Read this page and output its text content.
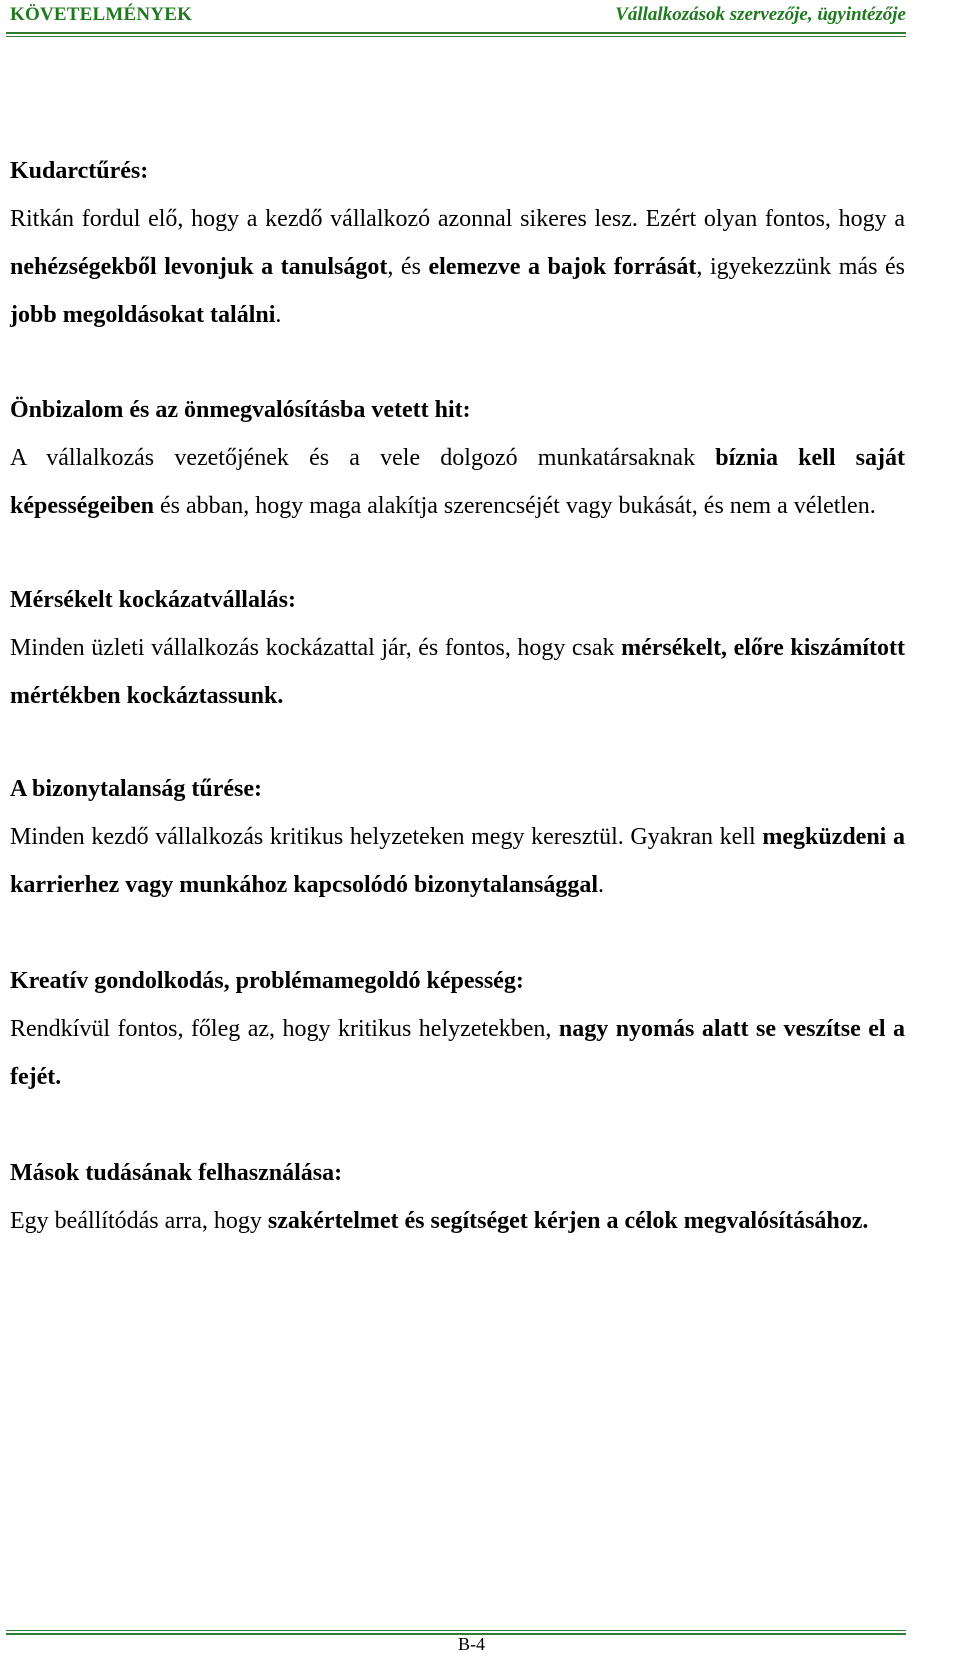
KÖVETELMÉNYEK	Vállalkozások szervezője, ügyintézője

Kudarctűrés:

Ritkán fordul elő, hogy a kezdő vállalkozó azonnal sikeres lesz. Ezért olyan fontos, hogy a nehézségekből levonjuk a tanulságot, és elemezve a bajok forrását, igyekezzünk más és jobb megoldásokat találni.

Önbizalom és az önmegvalósításba vetett hit:

A vállalkozás vezetőjének és a vele dolgozó munkatársaknak bíznia kell saját képességeiben és abban, hogy maga alakítja szerencséjét vagy bukását, és nem a véletlen.

Mérsékelt kockázatvállalás:

Minden üzleti vállalkozás kockázattal jár, és fontos, hogy csak mérsékelt, előre kiszámított mértékben kockáztassunk.

A bizonytalanság tűrése:

Minden kezdő vállalkozás kritikus helyzeteken megy keresztül. Gyakran kell megküzdeni a karrierhez vagy munkához kapcsolódó bizonytalansággal.

Kreatív gondolkodás, problémamegoldó képesség:

Rendkívül fontos, főleg az, hogy kritikus helyzetekben, nagy nyomás alatt se veszítse el a fejét.

Mások tudásának felhasználása:

Egy beállítódás arra, hogy szakértelmet és segítséget kérjen a célok megvalósításához.

B-4
